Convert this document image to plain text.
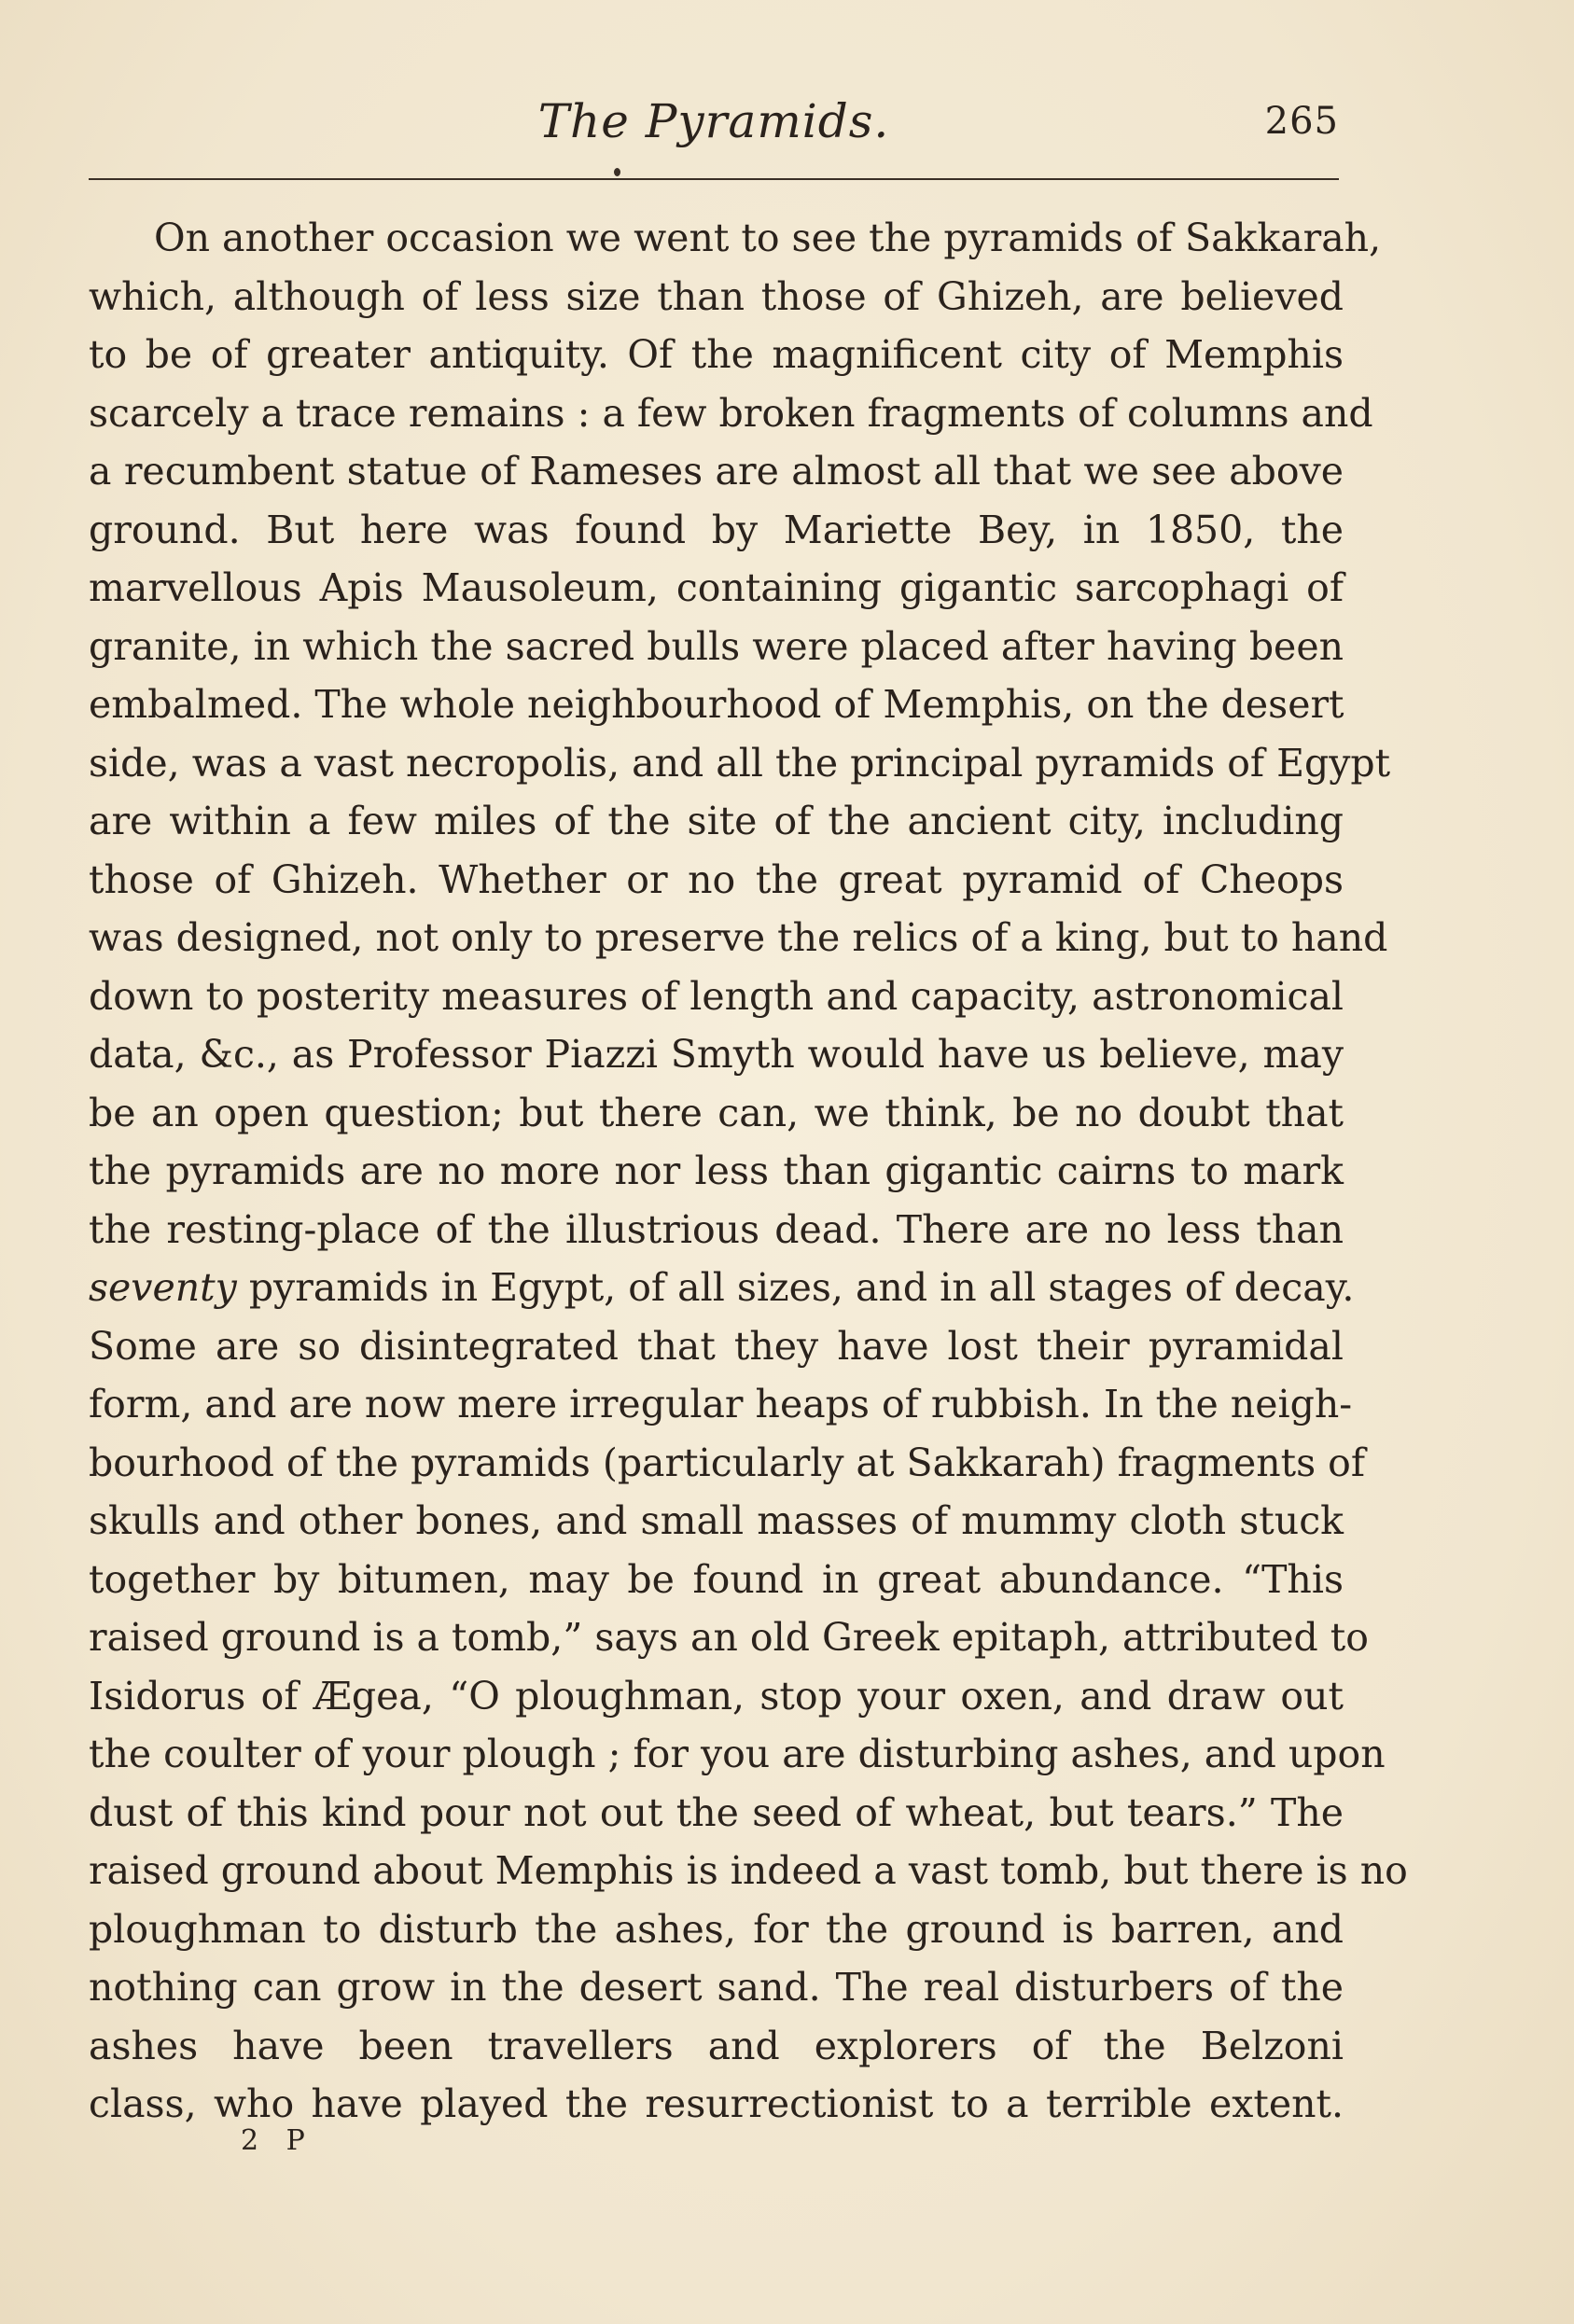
The Pyramids.	265
On another occasion we went to see the pyramids of Sakkarah,
which, although of less size than those of Ghizeh, are believed
to be of greater antiquity. Of the magnificent city of Memphis
scarcely a trace remains : a few broken fragments of columns and
a recumbent statue of Rameses are almost all that we see above
ground. But here was found by Mariette Bey, in 1850, the
marvellous Apis Mausoleum, containing gigantic sarcophagi of
granite, in which the sacred bulls were placed after having been
embalmed. The whole neighbourhood of Memphis, on the desert
side, was a vast necropolis, and all the principal pyramids of Egypt
are within a few miles of the site of the ancient city, including
those of Ghizeh. Whether or no the great pyramid of Cheops
was designed, not only to preserve the relics of a king, but to hand
down to posterity measures of length and capacity, astronomical
data, &c., as Professor Piazzi Smyth would have us believe, may
be an open question; but there can, we think, be no doubt that
the pyramids are no more nor less than gigantic cairns to mark
the resting-place of the illustrious dead. There are no less than
seventy pyramids in Egypt, of all sizes, and in all stages of decay.
Some are so disintegrated that they have lost their pyramidal
form, and are now mere irregular heaps of rubbish. In the neigh-
bourhood of the pyramids (particularly at Sakkarah) fragments of
skulls and other bones, and small masses of mummy cloth stuck
together by bitumen, may be found in great abundance. “This
raised ground is a tomb,” says an old Greek epitaph, attributed to
Isidorus of Ægea, “O ploughman, stop your oxen, and draw out
the coulter of your plough ; for you are disturbing ashes, and upon
dust of this kind pour not out the seed of wheat, but tears.” The
raised ground about Memphis is indeed a vast tomb, but there is no
ploughman to disturb the ashes, for the ground is barren, and
nothing can grow in the desert sand. The real disturbers of the
ashes have been travellers and explorers of the Belzoni
class, who have played the resurrectionist to a terrible extent.
2 P
